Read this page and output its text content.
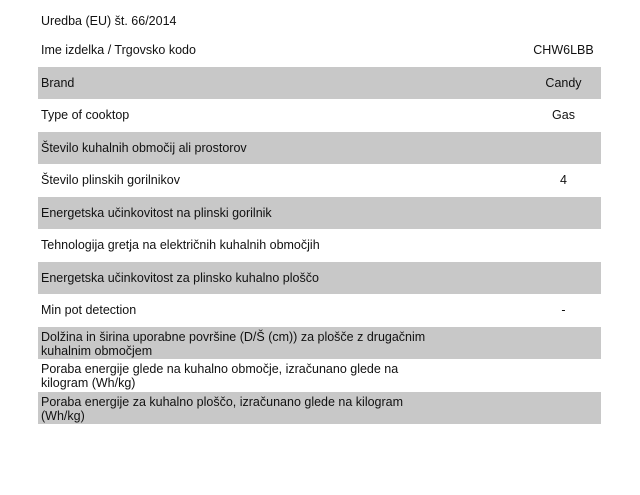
Uredba (EU) št. 66/2014
Ime izdelka / Trgovsko kodo	CHW6LBB
Brand	Candy
Type of cooktop	Gas
Število kuhalnih območij ali prostorov
Število plinskih gorilnikov	4
Energetska učinkovitost na plinski gorilnik
Tehnologija gretja na električnih kuhalnih območjih
Energetska učinkovitost za plinsko kuhalno ploščo
Min pot detection	-
Dolžina in širina uporabne površine (D/Š (cm)) za plošče z drugačnim kuhalnim območjem
Poraba energije glede na kuhalno območje, izračunano glede na kilogram (Wh/kg)
Poraba energije za kuhalno ploščo, izračunano glede na kilogram (Wh/kg)
